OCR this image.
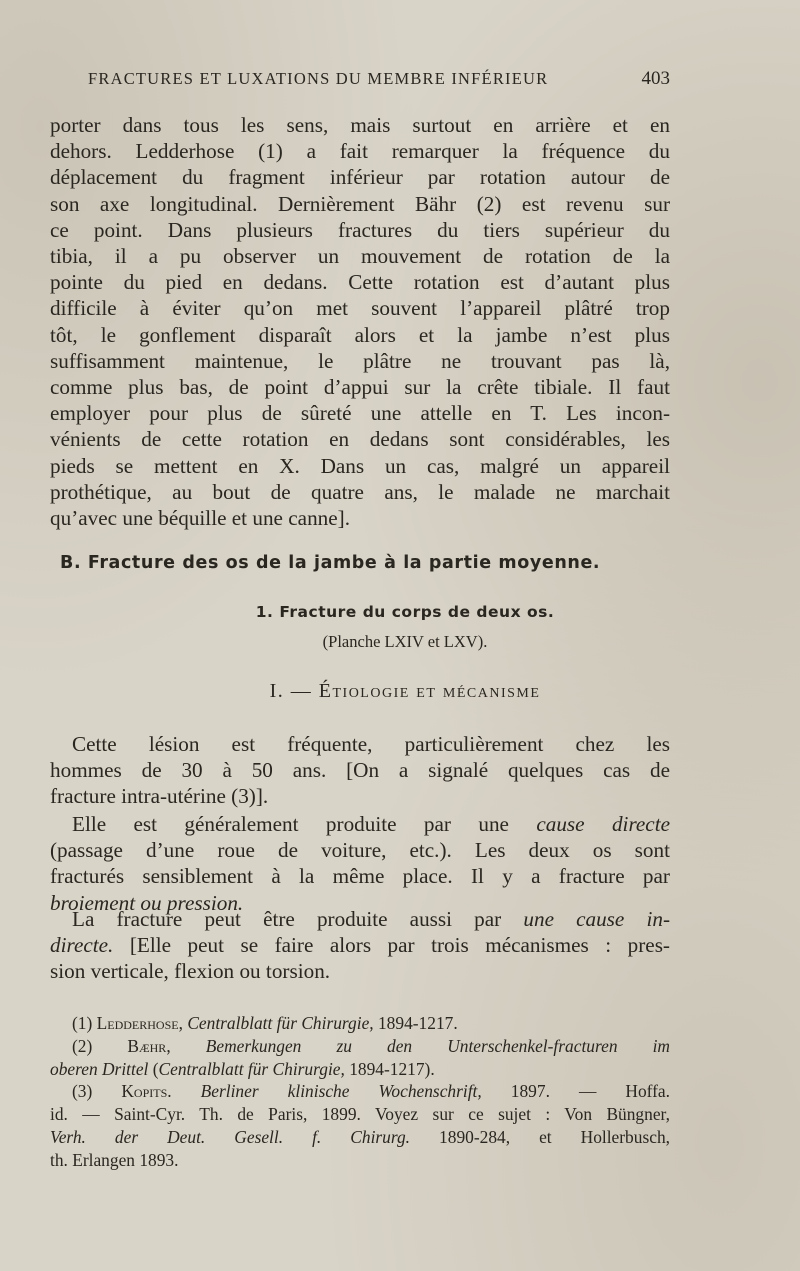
FRACTURES ET LUXATIONS DU MEMBRE INFÉRIEUR	403
porter dans tous les sens, mais surtout en arrière et en
dehors. Ledderhose (1) a fait remarquer la fréquence du
déplacement du fragment inférieur par rotation autour de
son axe longitudinal. Dernièrement Bähr (2) est revenu sur
ce point. Dans plusieurs fractures du tiers supérieur du
tibia, il a pu observer un mouvement de rotation de la
pointe du pied en dedans. Cette rotation est d’autant plus
difficile à éviter qu’on met souvent l’appareil plâtré trop
tôt, le gonflement disparaît alors et la jambe n’est plus
suffisamment maintenue, le plâtre ne trouvant pas là,
comme plus bas, de point d’appui sur la crête tibiale. Il faut
employer pour plus de sûreté une attelle en T. Les incon-
vénients de cette rotation en dedans sont considérables, les
pieds se mettent en X. Dans un cas, malgré un appareil
prothétique, au bout de quatre ans, le malade ne marchait
qu’avec une béquille et une canne].
B. Fracture des os de la jambe à la partie moyenne.
1. Fracture du corps de deux os.
(Planche LXIV et LXV).
I. — Étiologie et mécanisme
Cette lésion est fréquente, particulièrement chez les
hommes de 30 à 50 ans. [On a signalé quelques cas de
fracture intra-utérine (3)].
Elle est généralement produite par une cause directe
(passage d’une roue de voiture, etc.). Les deux os sont
fracturés sensiblement à la même place. Il y a fracture par
broiement ou pression.
La fracture peut être produite aussi par une cause in-
directe. [Elle peut se faire alors par trois mécanismes : pres-
sion verticale, flexion ou torsion.
(1) Ledderhose, Centralblatt für Chirurgie, 1894-1217.
(2) Bæhr, Bemerkungen zu den Unterschenkel-fracturen im
oberen Drittel (Centralblatt für Chirurgie, 1894-1217).
(3) Kopits. Berliner klinische Wochenschrift, 1897. — Hoffa.
id. — Saint-Cyr. Th. de Paris, 1899. Voyez sur ce sujet : Von Büngner,
Verh. der Deut. Gesell. f. Chirurg. 1890-284, et Hollerbusch,
th. Erlangen 1893.
